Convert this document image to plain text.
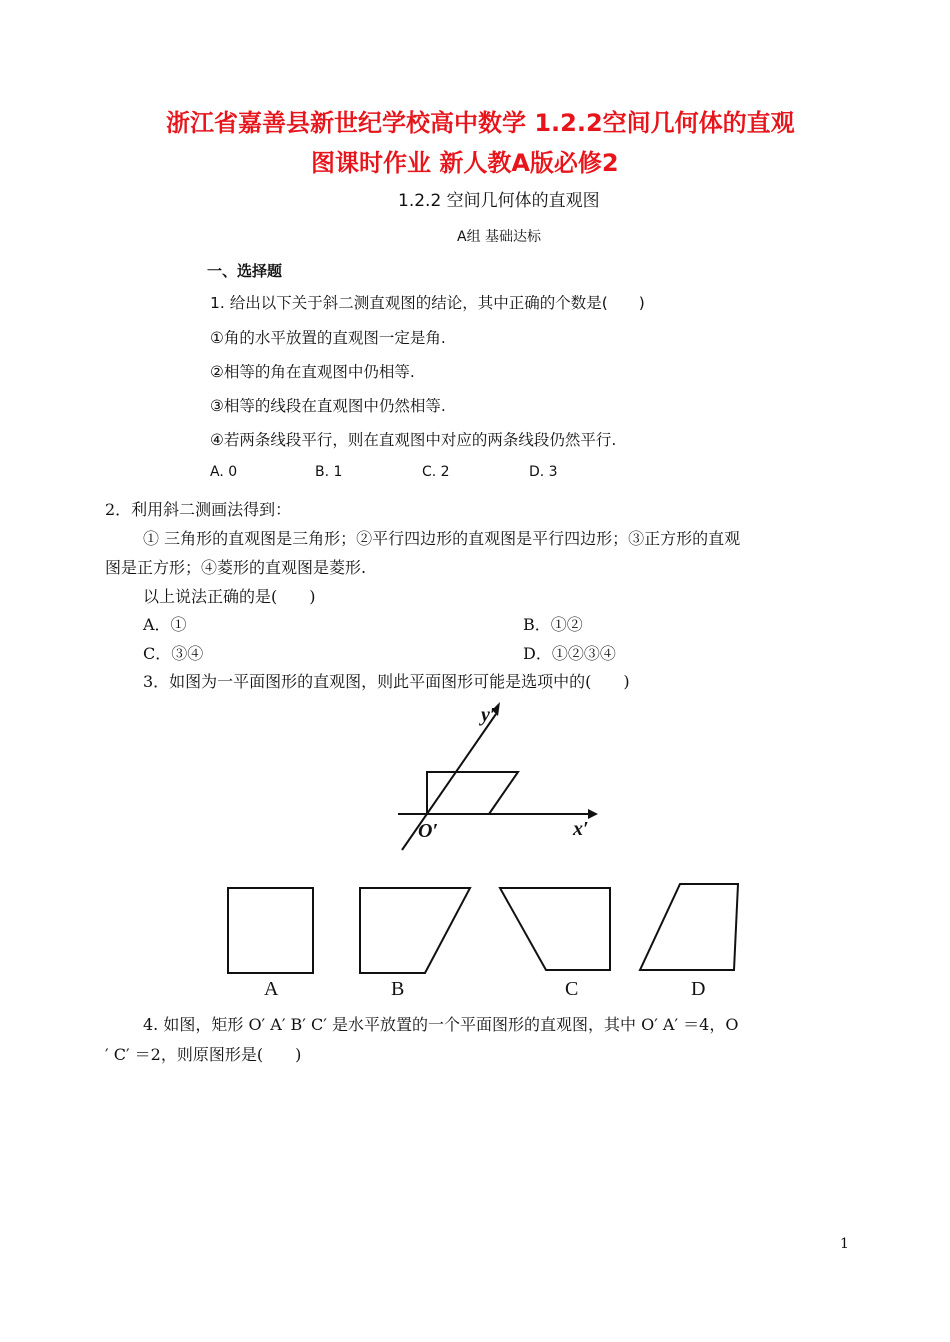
浙江省嘉善县新世纪学校高中数学 1.2.2空间几何体的直观
图课时作业 新人教A版必修2
1.2.2 空间几何体的直观图
A组 基础达标
一、选择题
1. 给出以下关于斜二测直观图的结论，其中正确的个数是(　　)
①角的水平放置的直观图一定是角.
②相等的角在直观图中仍相等.
③相等的线段在直观图中仍然相等.
④若两条线段平行，则在直观图中对应的两条线段仍然平行.
A. 0	B. 1	C. 2	D. 3
2．利用斜二测画法得到：
① 三角形的直观图是三角形；②平行四边形的直观图是平行四边形；③正方形的直观
图是正方形；④菱形的直观图是菱形.
以上说法正确的是(　　)
A．①	B．①②
C．③④	D．①②③④
3．如图为一平面图形的直观图，则此平面图形可能是选项中的(　　)
y′
O′	x′
A	B	C	D
4. 如图，矩形 O′ A′ B′ C′ 是水平放置的一个平面图形的直观图，其中 O′ A′ ＝4，O
′ C′ ＝2，则原图形是(　　)
1
